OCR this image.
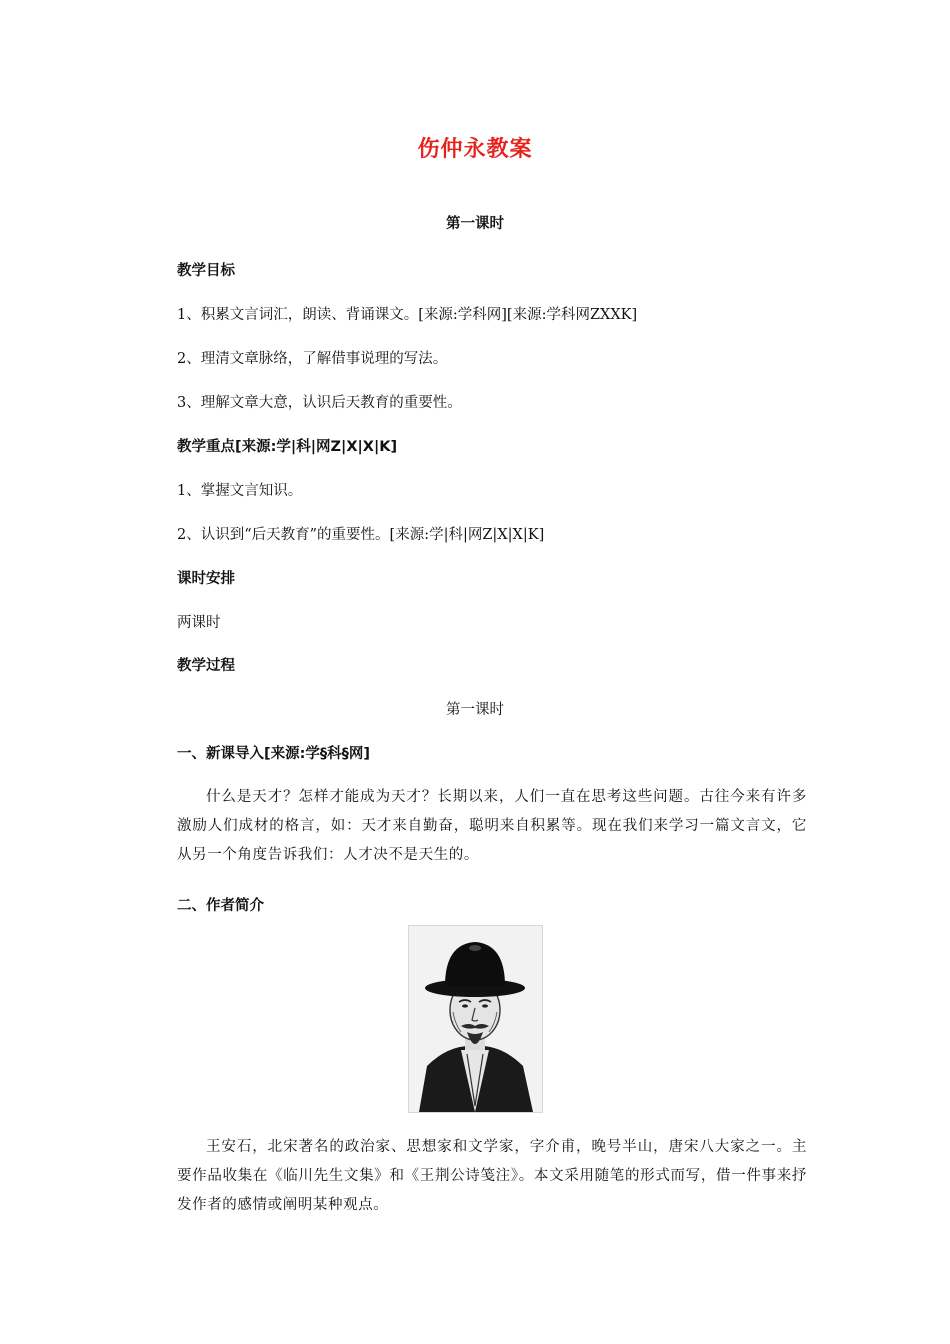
伤仲永教案
第一课时
教学目标
1、积累文言词汇，朗读、背诵课文。[来源:学科网][来源:学科网ZXXK]
2、理清文章脉络，了解借事说理的写法。
3、理解文章大意，认识后天教育的重要性。
教学重点[来源:学|科|网Z|X|X|K]
1、掌握文言知识。
2、认识到“后天教育”的重要性。[来源:学|科|网Z|X|X|K]
课时安排
两课时
教学过程
第一课时
一、新课导入[来源:学§科§网]
什么是天才？怎样才能成为天才？长期以来，人们一直在思考这些问题。古往今来有许多激励人们成材的格言，如：天才来自勤奋，聪明来自积累等。现在我们来学习一篇文言文，它从另一个角度告诉我们：人才决不是天生的。
二、作者简介
王安石，北宋著名的政治家、思想家和文学家，字介甫，晚号半山，唐宋八大家之一。主要作品收集在《临川先生文集》和《王荆公诗笺注》。本文采用随笔的形式而写，借一件事来抒发作者的感情或阐明某种观点。
